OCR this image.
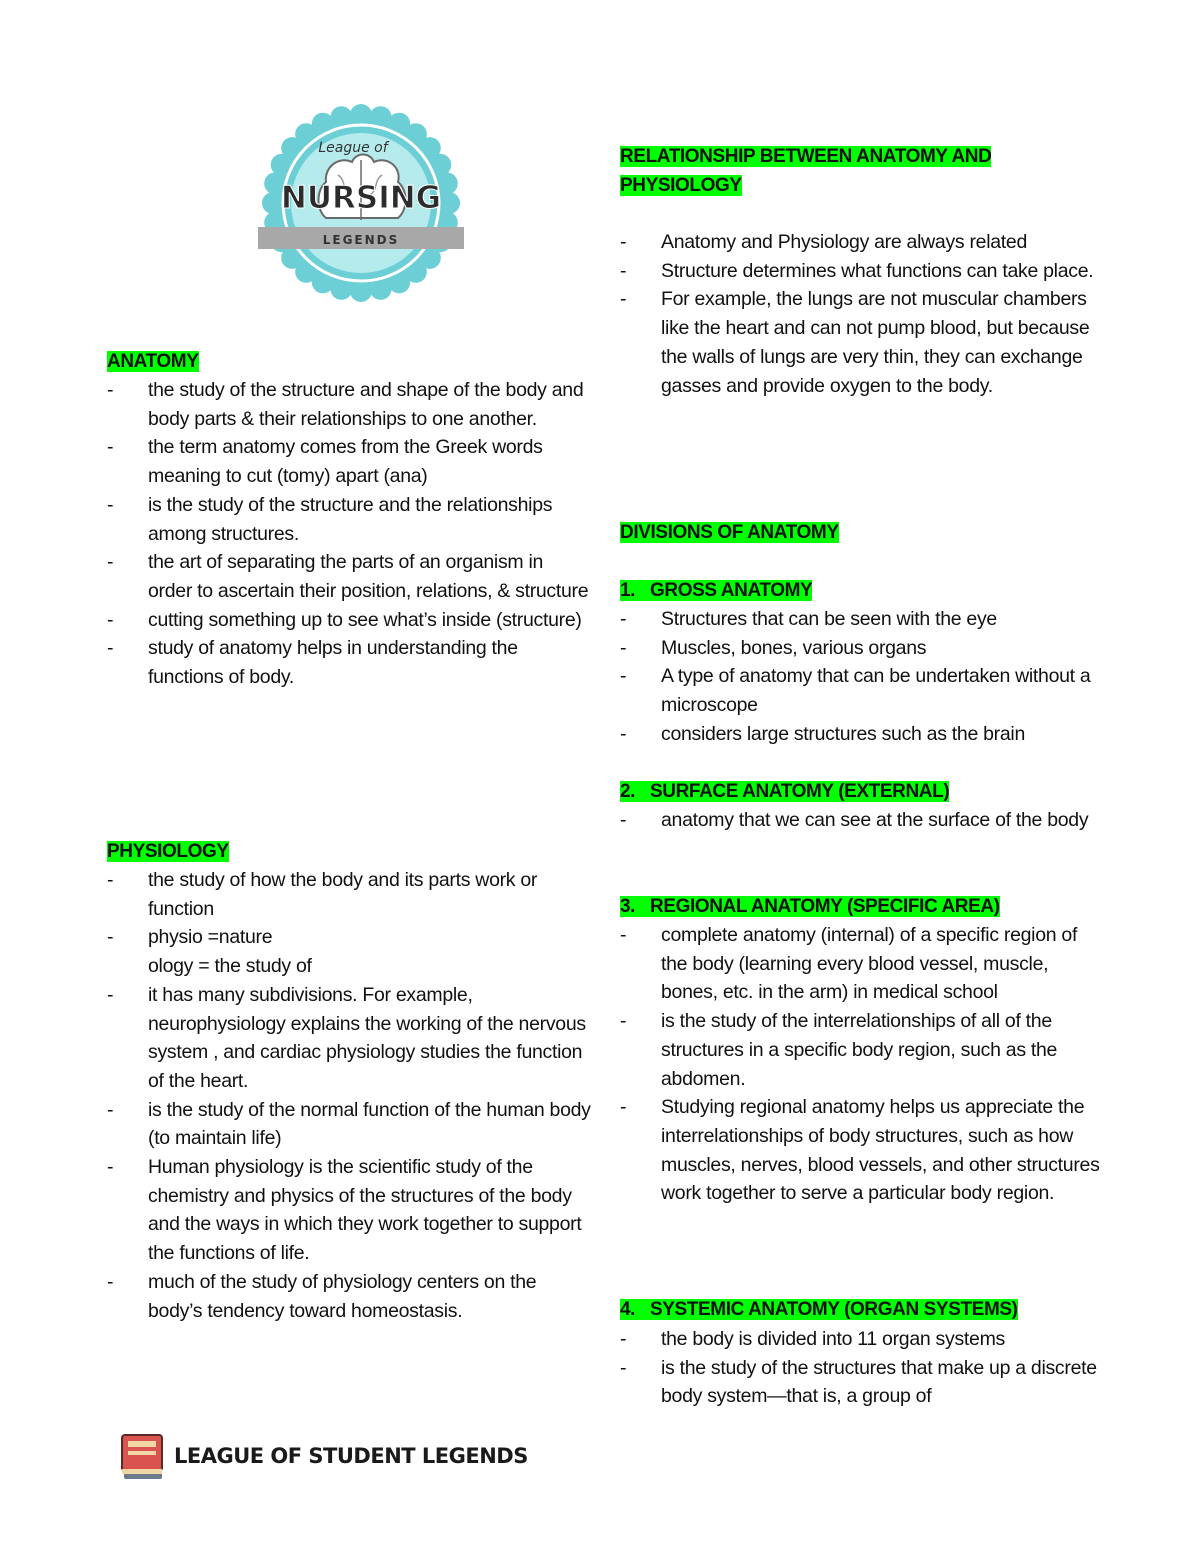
League of
NURSING
LEGENDS
ANATOMY
- the study of the structure and shape of the body and body parts & their relationships to one another.
- the term anatomy comes from the Greek words meaning to cut (tomy) apart (ana)
- is the study of the structure and the relationships among structures.
- the art of separating the parts of an organism in order to ascertain their position, relations, & structure
- cutting something up to see what’s inside (structure)
- study of anatomy helps in understanding the functions of body.
PHYSIOLOGY
- the study of how the body and its parts work or function
- physio =nature
ology = the study of
- it has many subdivisions. For example, neurophysiology explains the working of the nervous system , and cardiac physiology studies the function of the heart.
- is the study of the normal function of the human body (to maintain life)
- Human physiology is the scientific study of the chemistry and physics of the structures of the body and the ways in which they work together to support the functions of life.
- much of the study of physiology centers on the body’s tendency toward homeostasis.
RELATIONSHIP BETWEEN ANATOMY AND
PHYSIOLOGY
- Anatomy and Physiology are always related
- Structure determines what functions can take place.
- For example, the lungs are not muscular chambers like the heart and can not pump blood, but because the walls of lungs are very thin, they can exchange gasses and provide oxygen to the body.
DIVISIONS OF ANATOMY
1. GROSS ANATOMY
- Structures that can be seen with the eye
- Muscles, bones, various organs
- A type of anatomy that can be undertaken without a microscope
- considers large structures such as the brain
2. SURFACE ANATOMY (EXTERNAL)
- anatomy that we can see at the surface of the body
3. REGIONAL ANATOMY (SPECIFIC AREA)
- complete anatomy (internal) of a specific region of the body (learning every blood vessel, muscle, bones, etc. in the arm) in medical school
- is the study of the interrelationships of all of the structures in a specific body region, such as the abdomen.
- Studying regional anatomy helps us appreciate the interrelationships of body structures, such as how muscles, nerves, blood vessels, and other structures work together to serve a particular body region.
4. SYSTEMIC ANATOMY (ORGAN SYSTEMS)
- the body is divided into 11 organ systems
- is the study of the structures that make up a discrete body system—that is, a group of
LEAGUE OF STUDENT LEGENDS
